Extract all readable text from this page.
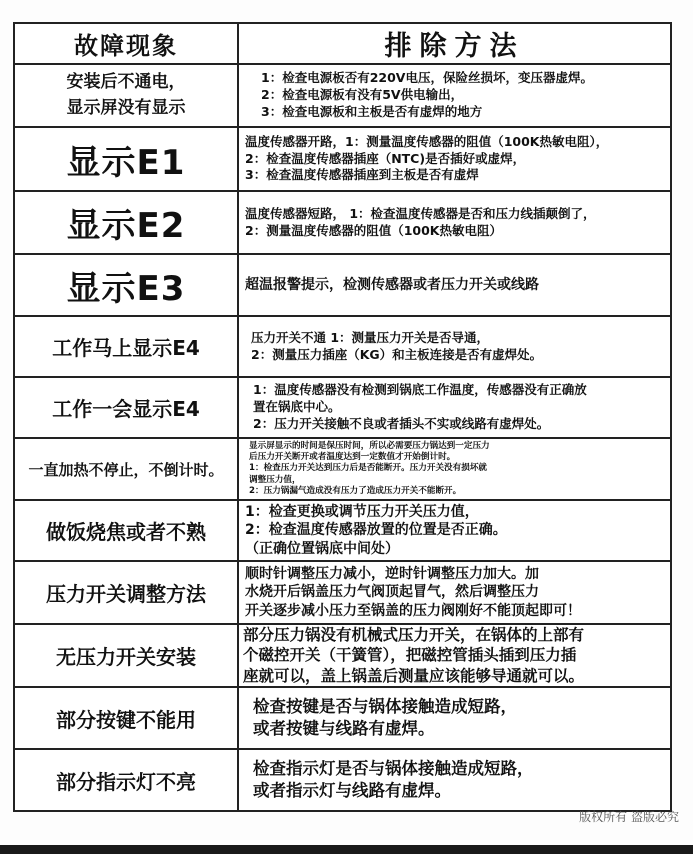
故障现象	排除方法
安装后不通电，
显示屏没有显示	1：检查电源板否有220V电压，保险丝损坏，变压器虚焊。
2：检查电源板有没有5V供电输出，
3：检查电源板和主板是否有虚焊的地方
显示E1	温度传感器开路，1：测量温度传感器的阻值（100K热敏电阻），
2：检查温度传感器插座（NTC)是否插好或虚焊，
3：检查温度传感器插座到主板是否有虚焊
显示E2	温度传感器短路， 1：检查温度传感器是否和压力线插颠倒了，
2：测量温度传感器的阻值（100K热敏电阻）
显示E3	超温报警提示，检测传感器或者压力开关或线路
工作马上显示E4	压力开关不通 1：测量压力开关是否导通，
2：测量压力插座（KG）和主板连接是否有虚焊处。
工作一会显示E4	1：温度传感器没有检测到锅底工作温度，传感器没有正确放
置在锅底中心。
2：压力开关接触不良或者插头不实或线路有虚焊处。
一直加热不停止，不倒计时。	显示屏显示的时间是保压时间，所以必需要压力锅达到一定压力
后压力开关断开或者温度达到一定数值才开始倒计时。
1：检查压力开关达到压力后是否能断开。压力开关没有损坏就
调整压力值，
2：压力锅漏气造成没有压力了造成压力开关不能断开。
做饭烧焦或者不熟	1：检查更换或调节压力开关压力值，
2：检查温度传感器放置的位置是否正确。
（正确位置锅底中间处）
压力开关调整方法	顺时针调整压力减小，逆时针调整压力加大。加
水烧开后锅盖压力气阀顶起冒气，然后调整压力
开关逐步减小压力至锅盖的压力阀刚好不能顶起即可！
无压力开关安装	部分压力锅没有机械式压力开关，在锅体的上部有
个磁控开关（干簧管），把磁控管插头插到压力插
座就可以，盖上锅盖后测量应该能够导通就可以。
部分按键不能用	检查按键是否与锅体接触造成短路，
或者按键与线路有虚焊。
部分指示灯不亮	检查指示灯是否与锅体接触造成短路，
或者指示灯与线路有虚焊。
版权所有 盗版必究
